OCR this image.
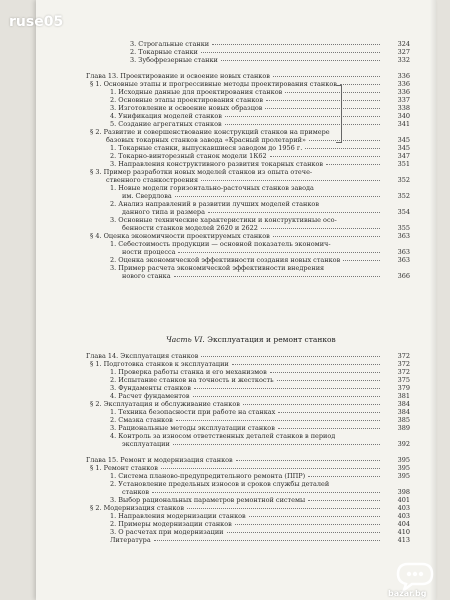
3. Строгальные станки	324
2. Токарные станки	327
3. Зубофрезерные станки	332
Глава 13. Проектирование и освоение новых станков	336
§ 1. Основные этапы и прогрессивные методы проектирования станков	336
1. Исходные данные для проектирования станков	336
2. Основные этапы проектирования станков	337
3. Изготовление и освоение новых образцов	338
4. Унификация моделей станков	340
5. Создание агрегатных станков	341
§ 2. Развитие и совершенствование конструкций станков на примере
базовых токарных станков завода «Красный пролетарий»	345
1. Токарные станки, выпускавшиеся заводом до 1956 г.	345
2. Токарно-винторезный станок модели 1К62	347
3. Направления конструктивного развития токарных станков	351
§ 3. Пример разработки новых моделей станков из опыта отече-
ственного станкостроения	352
1. Новые модели горизонтально-расточных станков завода
им. Свердлова	352
2. Анализ направлений в развитии лучших моделей станков
данного типа и размера	354
3. Основные технические характеристики и конструктивные осо-
бенности станков моделей 2620 и 2622	355
§ 4. Оценка экономичности проектируемых станков	363
1. Себестоимость продукции — основной показатель экономич-
ности процесса	363
2. Оценка экономической эффективности создания новых станков	363
3. Пример расчета экономической эффективности внедрения
нового станка	366
Глава 14. Эксплуатация станков	372
§ 1. Подготовка станков к эксплуатации	372
1. Проверка работы станка и его механизмов	372
2. Испытание станков на точность и жесткость	375
3. Фундаменты станков	379
4. Расчет фундаментов	381
§ 2. Эксплуатация и обслуживание станков	384
1. Техника безопасности при работе на станках	384
2. Смазка станков	385
3. Рациональные методы эксплуатации станков	389
4. Контроль за износом ответственных деталей станков в период
эксплуатации	392
Глава 15. Ремонт и модернизация станков	395
§ 1. Ремонт станков	395
1. Система планово-предупредительного ремонта (ППР)	395
2. Установление предельных износов и сроков службы деталей
станков	398
3. Выбор рациональных параметров ремонтной системы	401
§ 2. Модернизация станков	403
1. Направления модернизации станков	403
2. Примеры модернизации станков	404
3. О расчетах при модернизации	410
Литература	413
Часть VI. Эксплуатация и ремонт станков
ruse05
bazar.bg
